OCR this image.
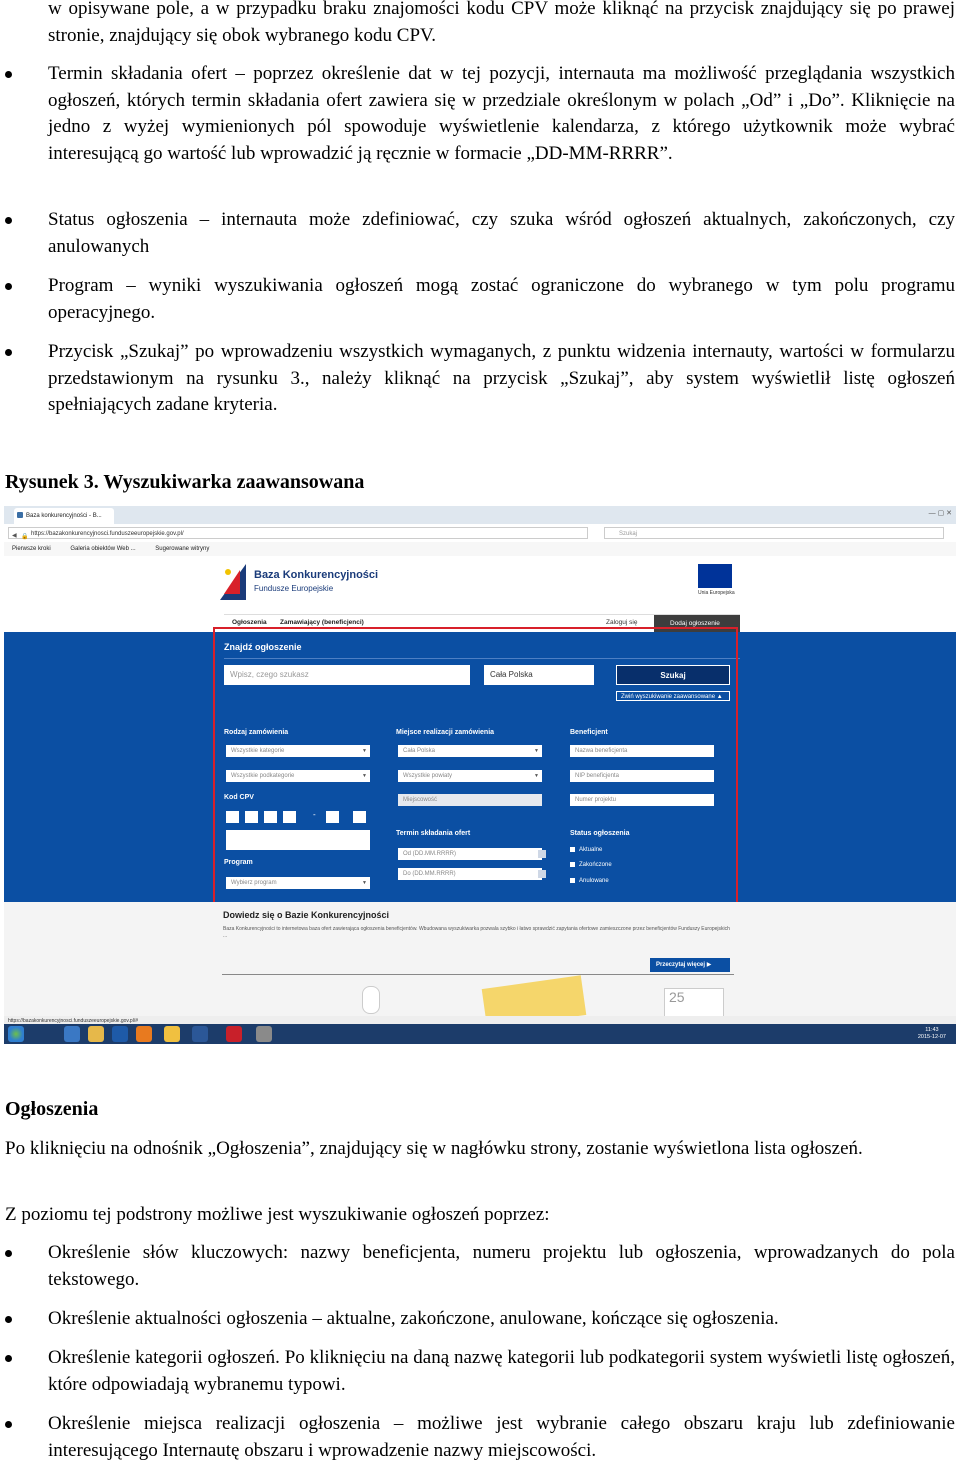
w opisywane pole, a w przypadku braku znajomości kodu CPV może kliknąć na przycisk znajdujący się po prawej stronie, znajdujący się obok wybranego kodu CPV.

Termin składania ofert – poprzez określenie dat w tej pozycji, internauta ma możliwość przeglądania wszystkich ogłoszeń, których termin składania ofert zawiera się w przedziale określonym w polach „Od” i „Do”. Kliknięcie na jedno z wyżej wymienionych pól spowoduje wyświetlenie kalendarza, z którego użytkownik może wybrać interesującą go wartość lub wprowadzić ją ręcznie w formacie „DD-MM-RRRR”.

Status ogłoszenia – internauta może zdefiniować, czy szuka wśród ogłoszeń aktualnych, zakończonych, czy anulowanych

Program – wyniki wyszukiwania ogłoszeń mogą zostać ograniczone do wybranego w tym polu programu operacyjnego.

Przycisk „Szukaj” po wprowadzeniu wszystkich wymaganych, z punktu widzenia internauty, wartości w formularzu przedstawionym na rysunku 3., należy kliknąć na przycisk „Szukaj”, aby system wyświetlił listę ogłoszeń spełniających zadane kryteria.

Rysunek 3. Wyszukiwarka zaawansowana

Baza konkurencyjności - B...	— ▢ ✕
◀ 🔒 https://bazakonkurencyjnosci.funduszeeuropejskie.gov.pl/	Szukaj
Pierwsze kroki	Galeria obiektów Web ...	Sugerowane witryny
Baza Konkurencyjności
Fundusze Europejskie	Unia Europejska
Ogłoszenia Zamawiający (beneficjenci)	Zaloguj się	Dodaj ogłoszenie
Znajdź ogłoszenie
Wpisz, czego szukasz	Cała Polska	Szukaj
Zwiń wyszukiwanie zaawansowane ▲
Rodzaj zamówienia
Wszystkie kategorie ▼
Wszystkie podkategorie ▼
Kod CPV
-
Program
Wybierz program ▼
Miejsce realizacji zamówienia
Cała Polska ▼
Wszystkie powiaty ▼
Miejscowość
Termin składania ofert
Od (DD.MM.RRRR)
Do (DD.MM.RRRR)
Beneficjent
Nazwa beneficjenta
NIP beneficjenta
Numer projektu
Status ogłoszenia
Aktualne
Zakończone
Anulowane
Dowiedz się o Bazie Konkurencyjności
Baza Konkurencyjności to internetowa baza ofert zawierająca ogłoszenia beneficjentów. Wbudowana wyszukiwarka pozwala szybko i łatwo sprawdzić zapytania ofertowe zamieszczone przez beneficjentów Funduszy Europejskich ...
Przeczytaj więcej ▶
25
https://bazakonkurencyjnosci.funduszeeuropejskie.gov.pl/#
11:43
2015-12-07

Ogłoszenia

Po kliknięciu na odnośnik „Ogłoszenia”, znajdujący się w nagłówku strony, zostanie wyświetlona lista ogłoszeń.

Z poziomu tej podstrony możliwe jest wyszukiwanie ogłoszeń poprzez:

Określenie słów kluczowych: nazwy beneficjenta, numeru projektu lub ogłoszenia, wprowadzanych do pola tekstowego.

Określenie aktualności ogłoszenia – aktualne, zakończone, anulowane, kończące się ogłoszenia.

Określenie kategorii ogłoszeń. Po kliknięciu na daną nazwę kategorii lub podkategorii system wyświetli listę ogłoszeń, które odpowiadają wybranemu typowi.

Określenie miejsca realizacji ogłoszenia – możliwe jest wybranie całego obszaru kraju lub zdefiniowanie interesującego Internautę obszaru i wprowadzenie nazwy miejscowości.
